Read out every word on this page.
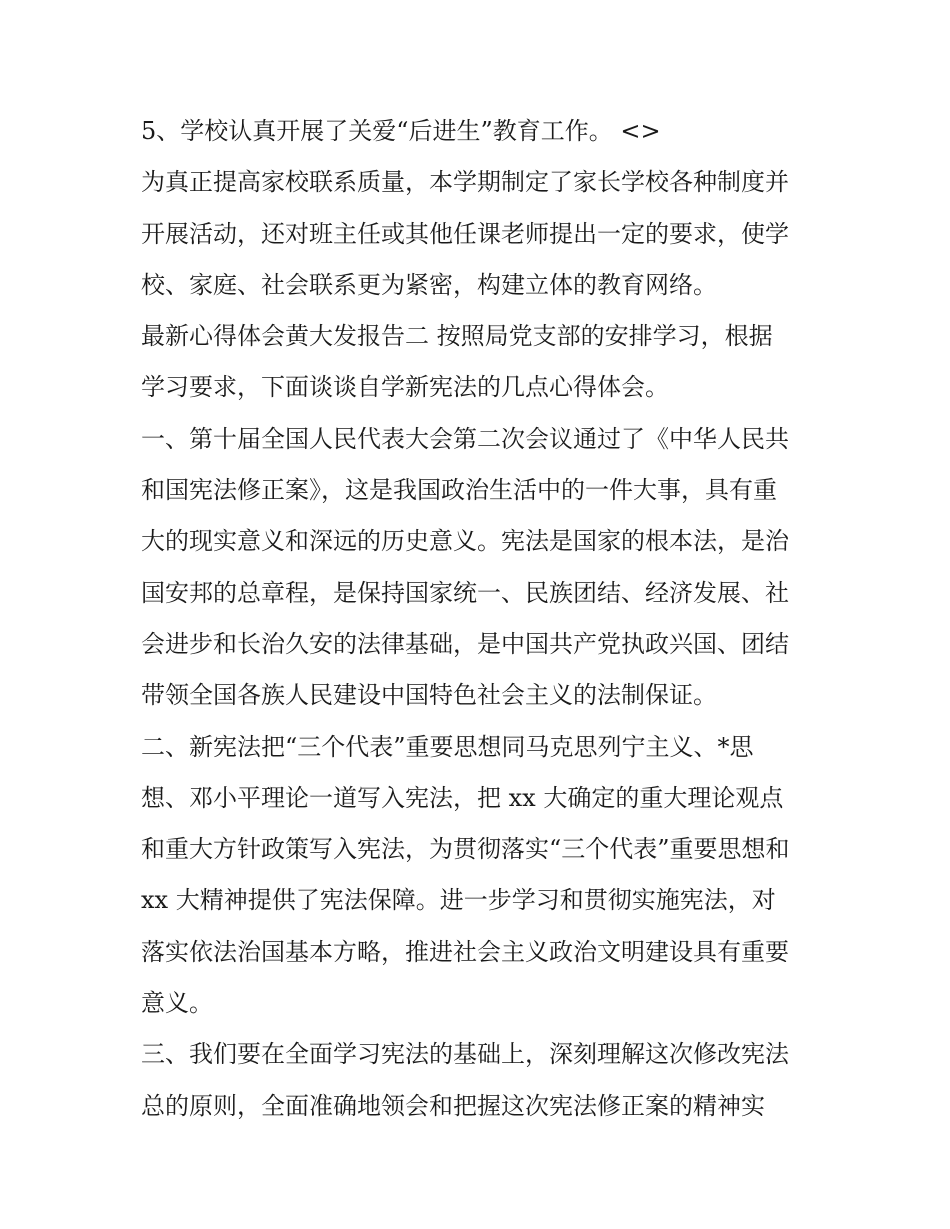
5、学校认真开展了关爱“后进生”教育工作。 <>
为真正提高家校联系质量，本学期制定了家长学校各种制度并
开展活动，还对班主任或其他任课老师提出一定的要求，使学
校、家庭、社会联系更为紧密，构建立体的教育网络。
最新心得体会黄大发报告二 按照局党支部的安排学习，根据
学习要求，下面谈谈自学新宪法的几点心得体会。
一、第十届全国人民代表大会第二次会议通过了《中华人民共
和国宪法修正案》，这是我国政治生活中的一件大事，具有重
大的现实意义和深远的历史意义。宪法是国家的根本法，是治
国安邦的总章程，是保持国家统一、民族团结、经济发展、社
会进步和长治久安的法律基础，是中国共产党执政兴国、团结
带领全国各族人民建设中国特色社会主义的法制保证。
二、新宪法把“三个代表”重要思想同马克思列宁主义、*思
想、邓小平理论一道写入宪法，把 xx 大确定的重大理论观点
和重大方针政策写入宪法，为贯彻落实“三个代表”重要思想和
xx 大精神提供了宪法保障。进一步学习和贯彻实施宪法，对
落实依法治国基本方略，推进社会主义政治文明建设具有重要
意义。
三、我们要在全面学习宪法的基础上，深刻理解这次修改宪法
总的原则，全面准确地领会和把握这次宪法修正案的精神实
